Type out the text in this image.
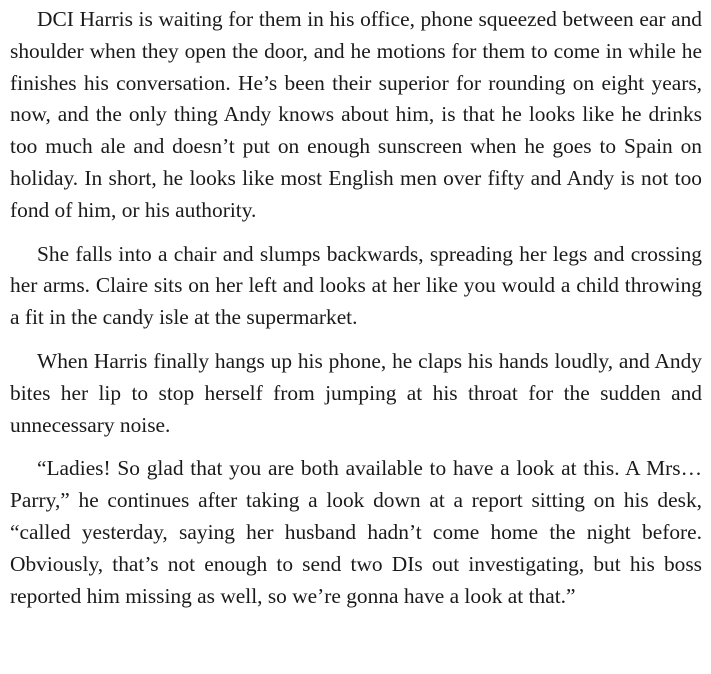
DCI Harris is waiting for them in his office, phone squeezed between ear and shoulder when they open the door, and he motions for them to come in while he finishes his conversation. He’s been their superior for rounding on eight years, now, and the only thing Andy knows about him, is that he looks like he drinks too much ale and doesn’t put on enough sunscreen when he goes to Spain on holiday. In short, he looks like most English men over fifty and Andy is not too fond of him, or his authority.

She falls into a chair and slumps backwards, spreading her legs and crossing her arms. Claire sits on her left and looks at her like you would a child throwing a fit in the candy isle at the supermarket.

When Harris finally hangs up his phone, he claps his hands loudly, and Andy bites her lip to stop herself from jumping at his throat for the sudden and unnecessary noise.

“Ladies! So glad that you are both available to have a look at this. A Mrs… Parry,” he continues after taking a look down at a report sitting on his desk, “called yesterday, saying her husband hadn’t come home the night before. Obviously, that’s not enough to send two DIs out investigating, but his boss reported him missing as well, so we’re gonna have a look at that.”
